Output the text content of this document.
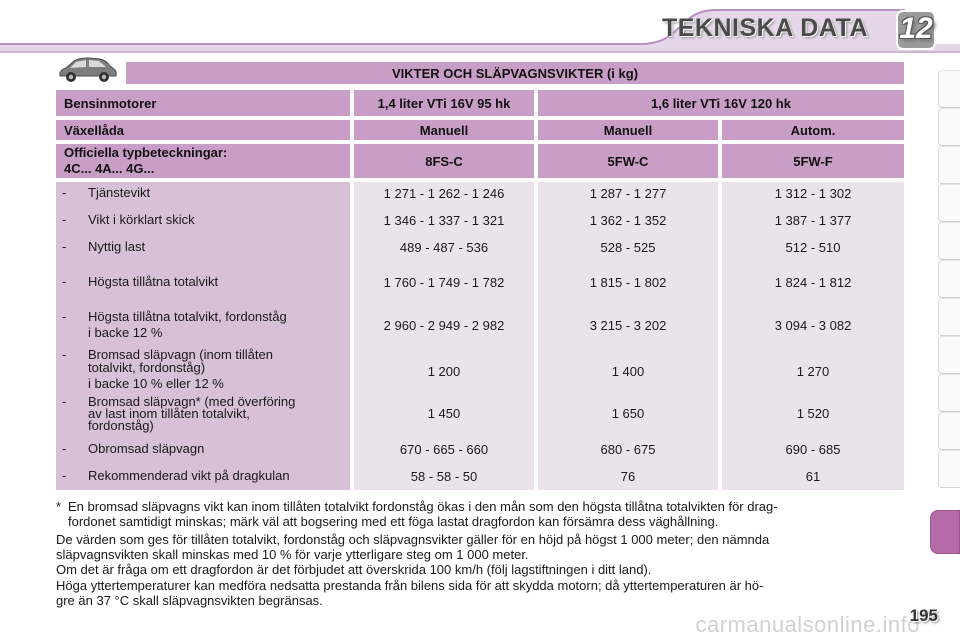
TEKNISKA DATA 12
VIKTER OCH SLÄPVAGNSVIKTER (i kg)
Bensinmotorer	1,4 liter VTi 16V 95 hk	1,6 liter VTi 16V 120 hk
Växellåda	Manuell	Manuell	Autom.
Officiella typbeteckningar:
4C... 4A... 4G...	8FS-C	5FW-C	5FW-F
- Tjänstevikt	1 271 - 1 262 - 1 246	1 287 - 1 277	1 312 - 1 302
- Vikt i körklart skick	1 346 - 1 337 - 1 321	1 362 - 1 352	1 387 - 1 377
- Nyttig last	489 - 487 - 536	528 - 525	512 - 510
- Högsta tillåtna totalvikt	1 760 - 1 749 - 1 782	1 815 - 1 802	1 824 - 1 812
- Högsta tillåtna totalvikt, fordonståg
i backe 12 %	2 960 - 2 949 - 2 982	3 215 - 3 202	3 094 - 3 082
- Bromsad släpvagn (inom tillåten
totalvikt, fordonståg)
i backe 10 % eller 12 %
1 200	1 400	1 270
- Bromsad släpvagn* (med överföring
av last inom tillåten totalvikt,
fordonståg)
1 450	1 650	1 520
- Obromsad släpvagn	670 - 665 - 660	680 - 675	690 - 685
- Rekommenderad vikt på dragkulan	58 - 58 - 50	76	61
* En bromsad släpvagns vikt kan inom tillåten totalvikt fordonståg ökas i den mån som den högsta tillåtna totalvikten för drag-
fordonet samtidigt minskas; märk väl att bogsering med ett föga lastat dragfordon kan försämra dess väghållning.
De värden som ges för tillåten totalvikt, fordonståg och släpvagnsvikter gäller för en höjd på högst 1 000 meter; den nämnda
släpvagnsvikten skall minskas med 10 % för varje ytterligare steg om 1 000 meter.
Om det är fråga om ett dragfordon är det förbjudet att överskrida 100 km/h (följ lagstiftningen i ditt land).
Höga yttertemperaturer kan medföra nedsatta prestanda från bilens sida för att skydda motorn; då yttertemperaturen är hö-
gre än 37 °C skall släpvagnsvikten begränsas.
carmanualsonline.info
195
